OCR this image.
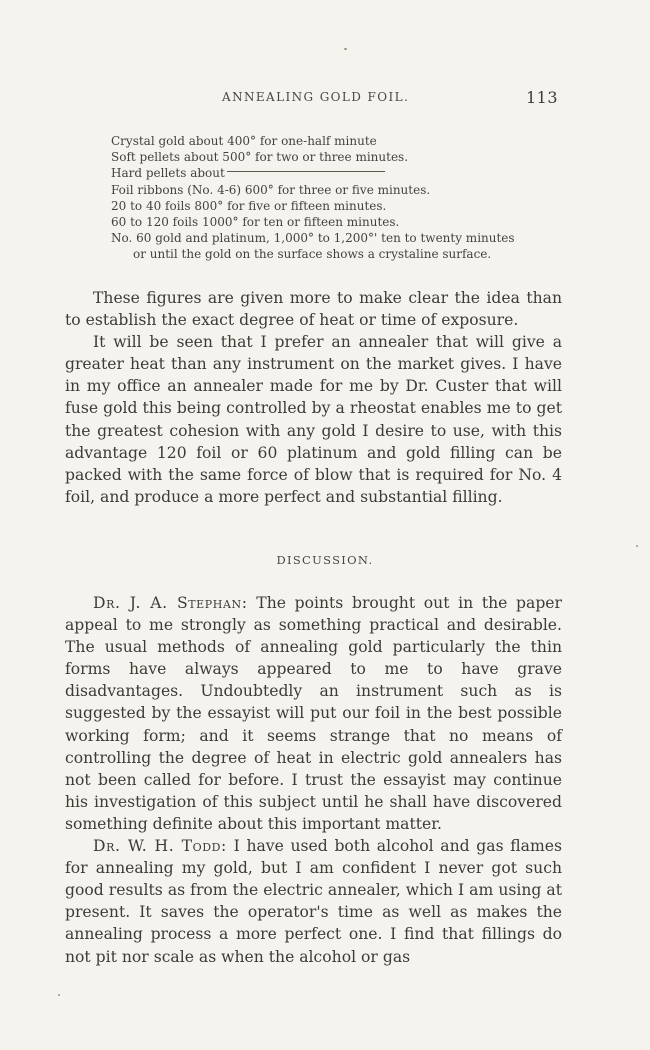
ANNEALING GOLD FOIL.	113
Crystal gold about 400° for one-half minute
Soft pellets about 500° for two or three minutes.
Hard pellets about
Foil ribbons (No. 4-6) 600° for three or five minutes.
20 to 40 foils 800° for five or fifteen minutes.
60 to 120 foils 1000° for ten or fifteen minutes.
No. 60 gold and platinum, 1,000° to 1,200°' ten to twenty minutes or until the gold on the surface shows a crystaline surface.

These figures are given more to make clear the idea than to establish the exact degree of heat or time of exposure.

It will be seen that I prefer an annealer that will give a greater heat than any instrument on the market gives. I have in my office an annealer made for me by Dr. Custer that will fuse gold this being controlled by a rheostat enables me to get the greatest cohesion with any gold I desire to use, with this advantage 120 foil or 60 platinum and gold filling can be packed with the same force of blow that is required for No. 4 foil, and produce a more perfect and substantial filling.

DISCUSSION.

Dr. J. A. Stephan: The points brought out in the paper appeal to me strongly as something practical and desirable. The usual methods of annealing gold particularly the thin forms have always appeared to me to have grave disadvantages. Undoubtedly an instrument such as is suggested by the essayist will put our foil in the best possible working form; and it seems strange that no means of controlling the degree of heat in electric gold annealers has not been called for before. I trust the essayist may continue his investigation of this subject until he shall have discovered something definite about this important matter.

Dr. W. H. Todd: I have used both alcohol and gas flames for annealing my gold, but I am confident I never got such good results as from the electric annealer, which I am using at present. It saves the operator's time as well as makes the annealing process a more perfect one. I find that fillings do not pit nor scale as when the alcohol or gas
